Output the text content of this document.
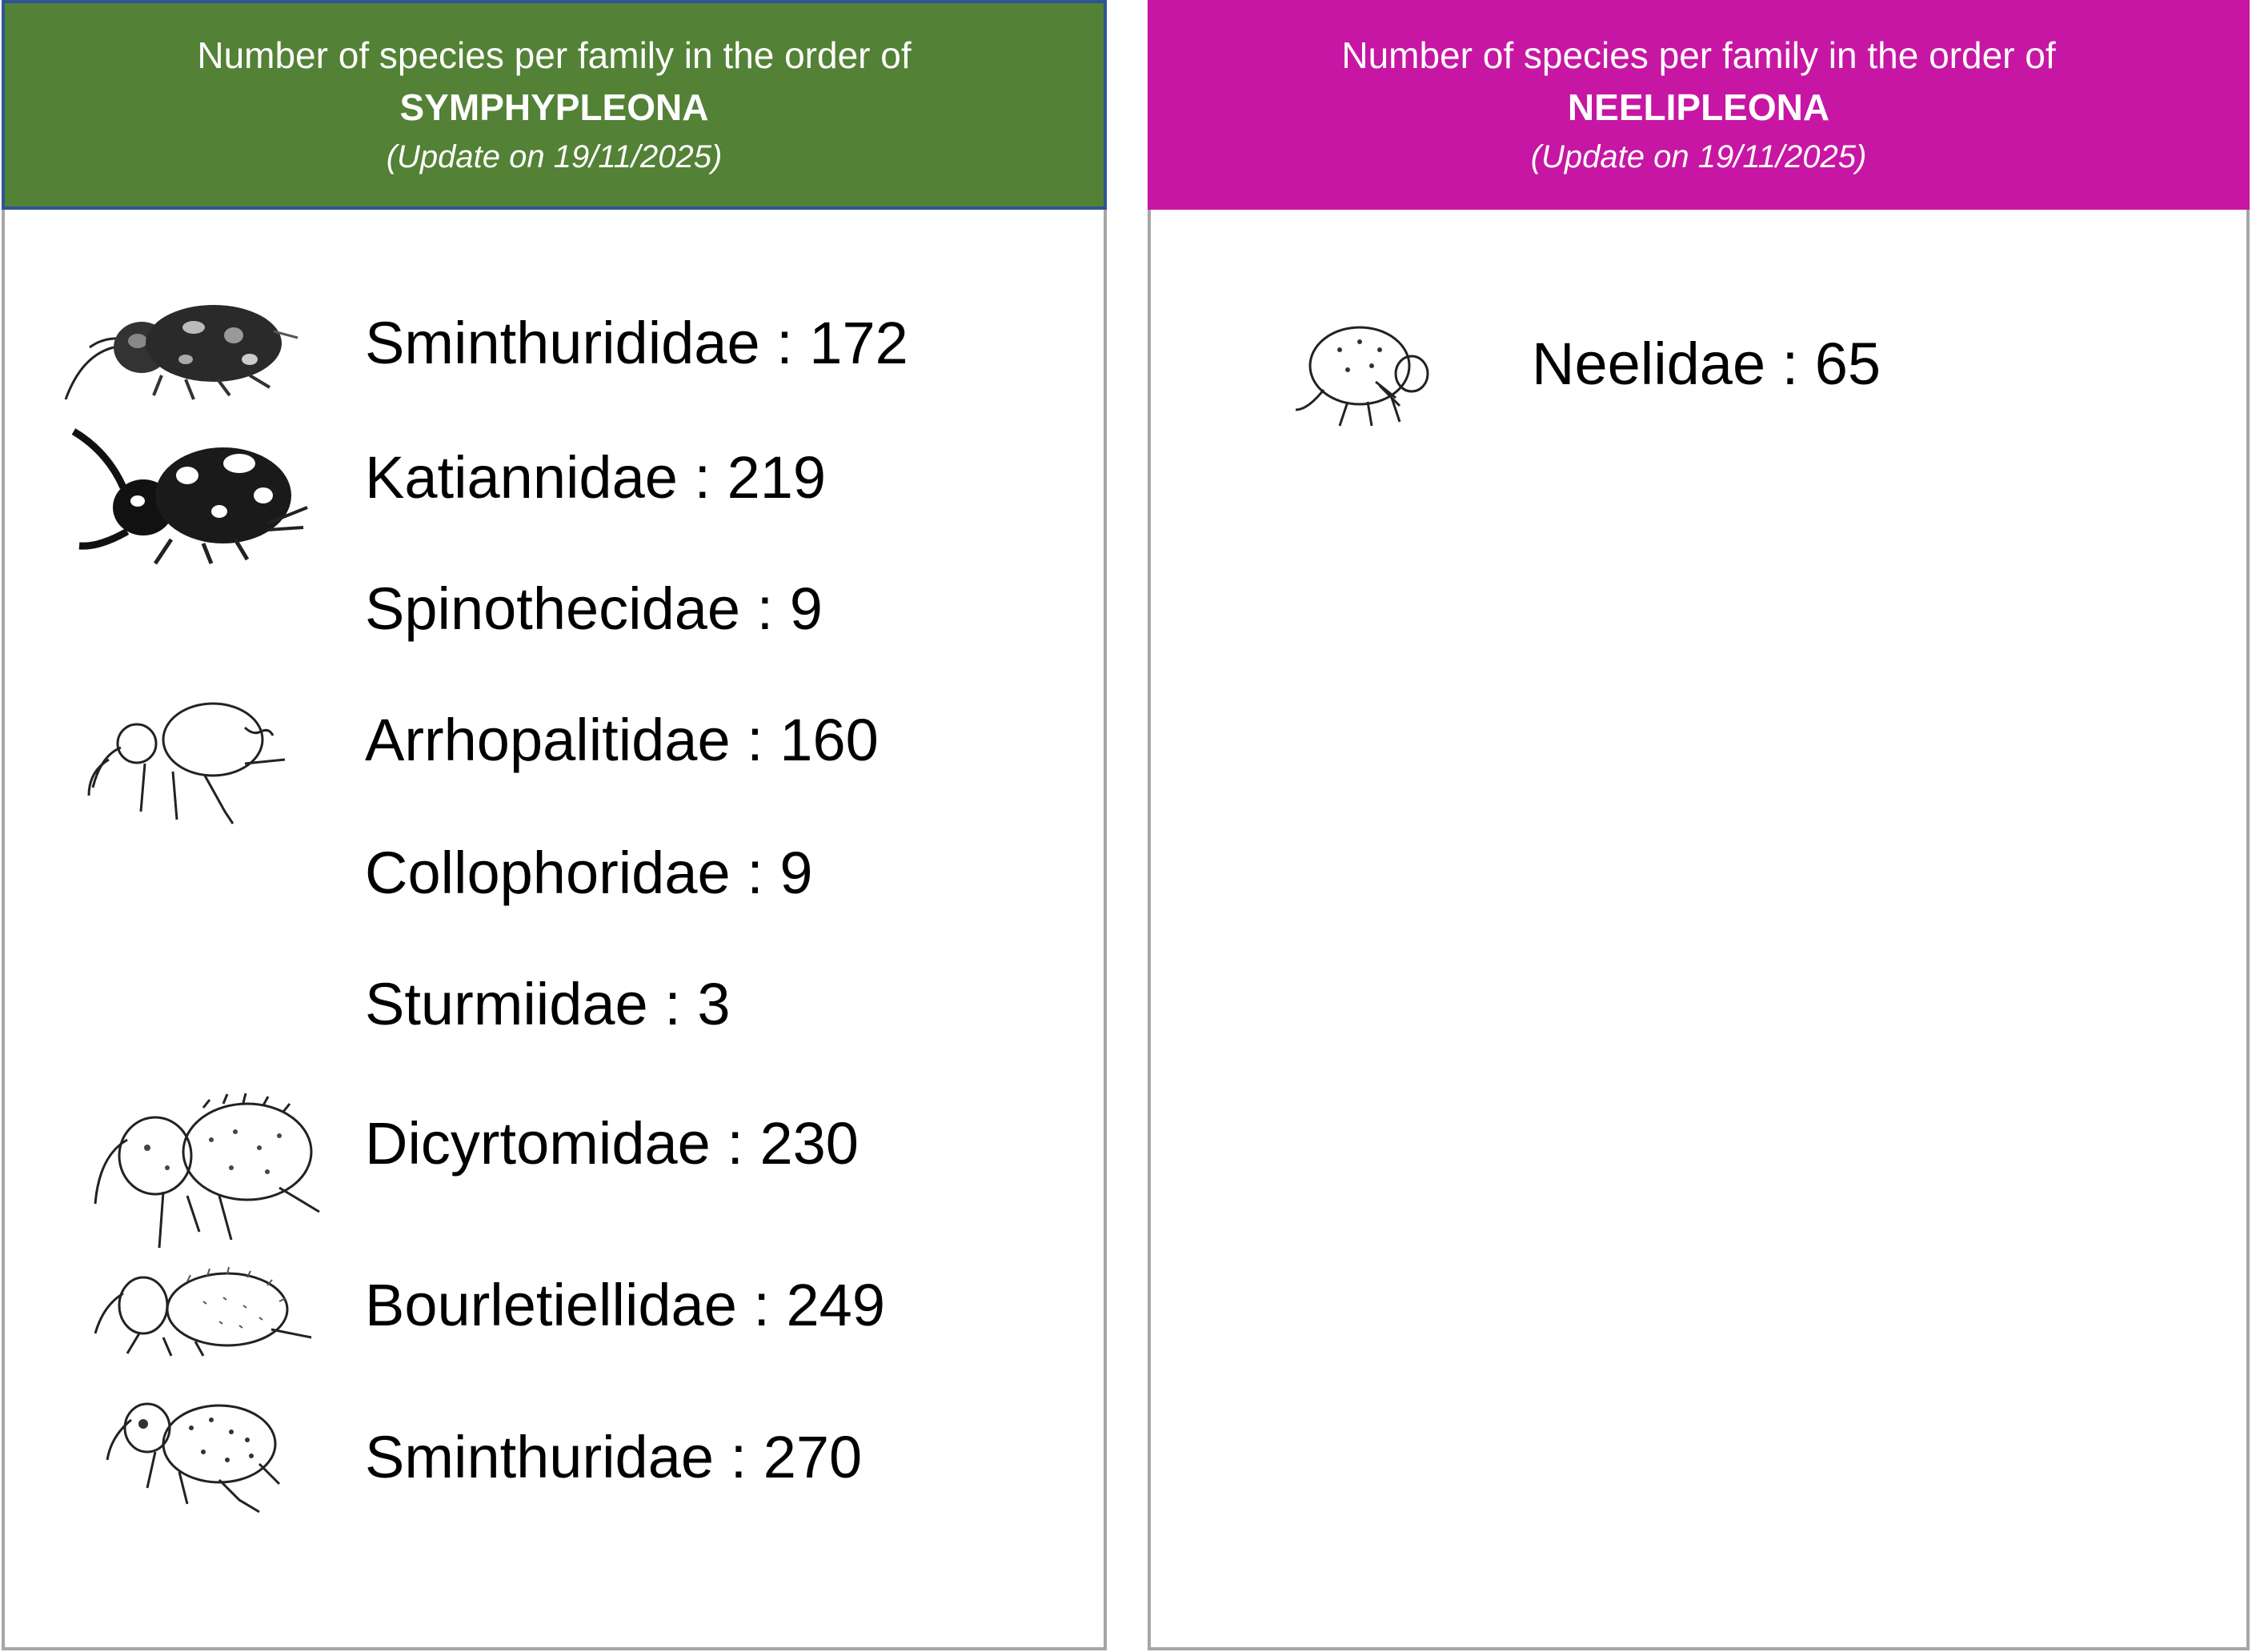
Number of species per family in the order of
SYMPHYPLEONA
(Update on 19/11/2025)
Sminthurididae : 172
Katiannidae : 219
Spinothecidae : 9
Arrhopalitidae : 160
Collophoridae : 9
Sturmiidae : 3
Dicyrtomidae : 230
Bourletiellidae : 249
Sminthuridae : 270
Number of species per family in the order of
NEELIPLEONA
(Update on 19/11/2025)
Neelidae : 65
